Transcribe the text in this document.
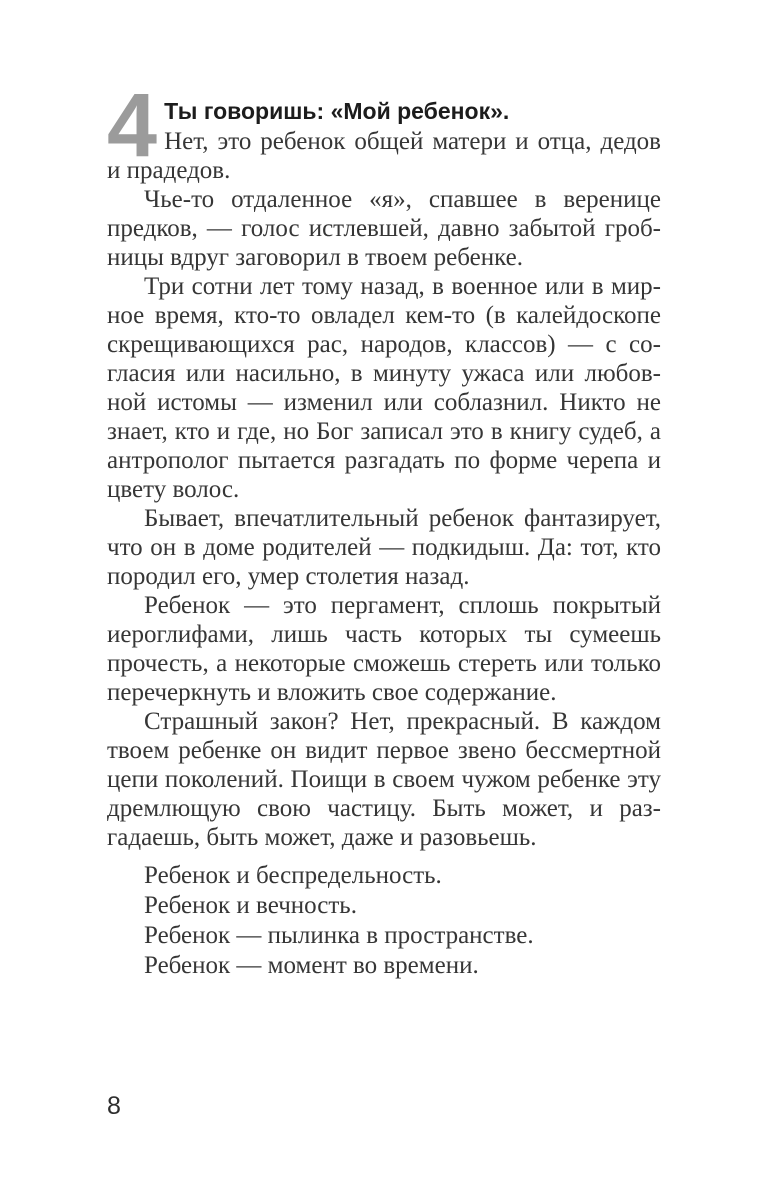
4 Ты говоришь: «Мой ребенок».

Нет, это ребенок общей матери и отца, дедов и прадедов.

Чье-то отдаленное «я», спавшее в веренице предков, — голос истлевшей, давно забытой гробницы вдруг заговорил в твоем ребенке.

Три сотни лет тому назад, в военное или в мирное время, кто-то овладел кем-то (в калейдоскопе скрещивающихся рас, народов, классов) — с согласия или насильно, в минуту ужаса или любовной истомы — изменил или соблазнил. Никто не знает, кто и где, но Бог записал это в книгу судеб, а антрополог пытается разгадать по форме черепа и цвету волос.

Бывает, впечатлительный ребенок фантазирует, что он в доме родителей — подкидыш. Да: тот, кто породил его, умер столетия назад.

Ребенок — это пергамент, сплошь покрытый иероглифами, лишь часть которых ты сумеешь прочесть, а некоторые сможешь стереть или только перечеркнуть и вложить свое содержание.

Страшный закон? Нет, прекрасный. В каждом твоем ребенке он видит первое звено бессмертной цепи поколений. Поищи в своем чужом ребенке эту дремлющую свою частицу. Быть может, и разгадаешь, быть может, даже и разовьешь.

Ребенок и беспредельность.
Ребенок и вечность.
Ребенок — пылинка в пространстве.
Ребенок — момент во времени.
8
